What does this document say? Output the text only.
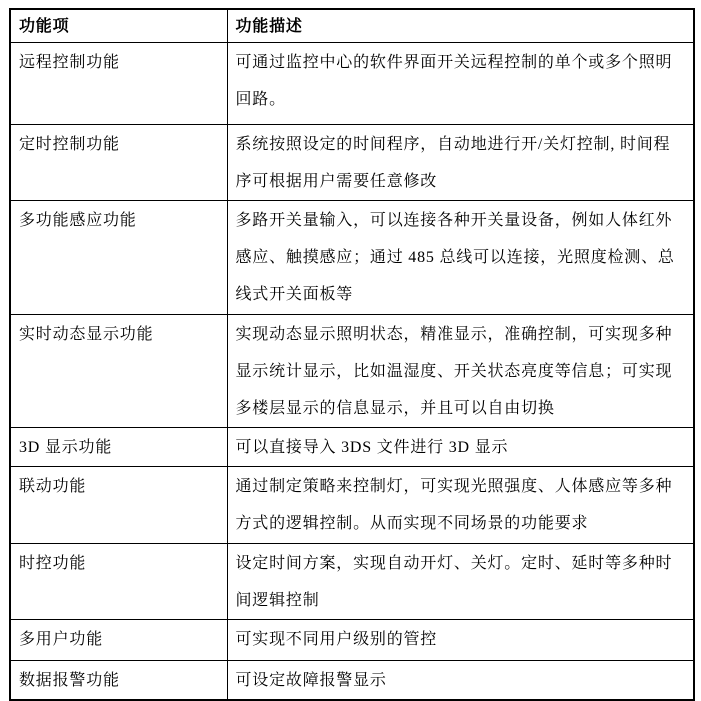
功能项	功能描述
远程控制功能	可通过监控中心的软件界面开关远程控制的单个或多个照明回路。
定时控制功能	系统按照设定的时间程序，自动地进行开/关灯控制, 时间程序可根据用户需要任意修改
多功能感应功能	多路开关量输入，可以连接各种开关量设备，例如人体红外感应、触摸感应；通过 485 总线可以连接，光照度检测、总线式开关面板等
实时动态显示功能	实现动态显示照明状态，精准显示，准确控制，可实现多种显示统计显示，比如温湿度、开关状态亮度等信息；可实现多楼层显示的信息显示，并且可以自由切换
3D 显示功能	可以直接导入 3DS 文件进行 3D 显示
联动功能	通过制定策略来控制灯，可实现光照强度、人体感应等多种方式的逻辑控制。从而实现不同场景的功能要求
时控功能	设定时间方案，实现自动开灯、关灯。定时、延时等多种时间逻辑控制
多用户功能	可实现不同用户级别的管控
数据报警功能	可设定故障报警显示
